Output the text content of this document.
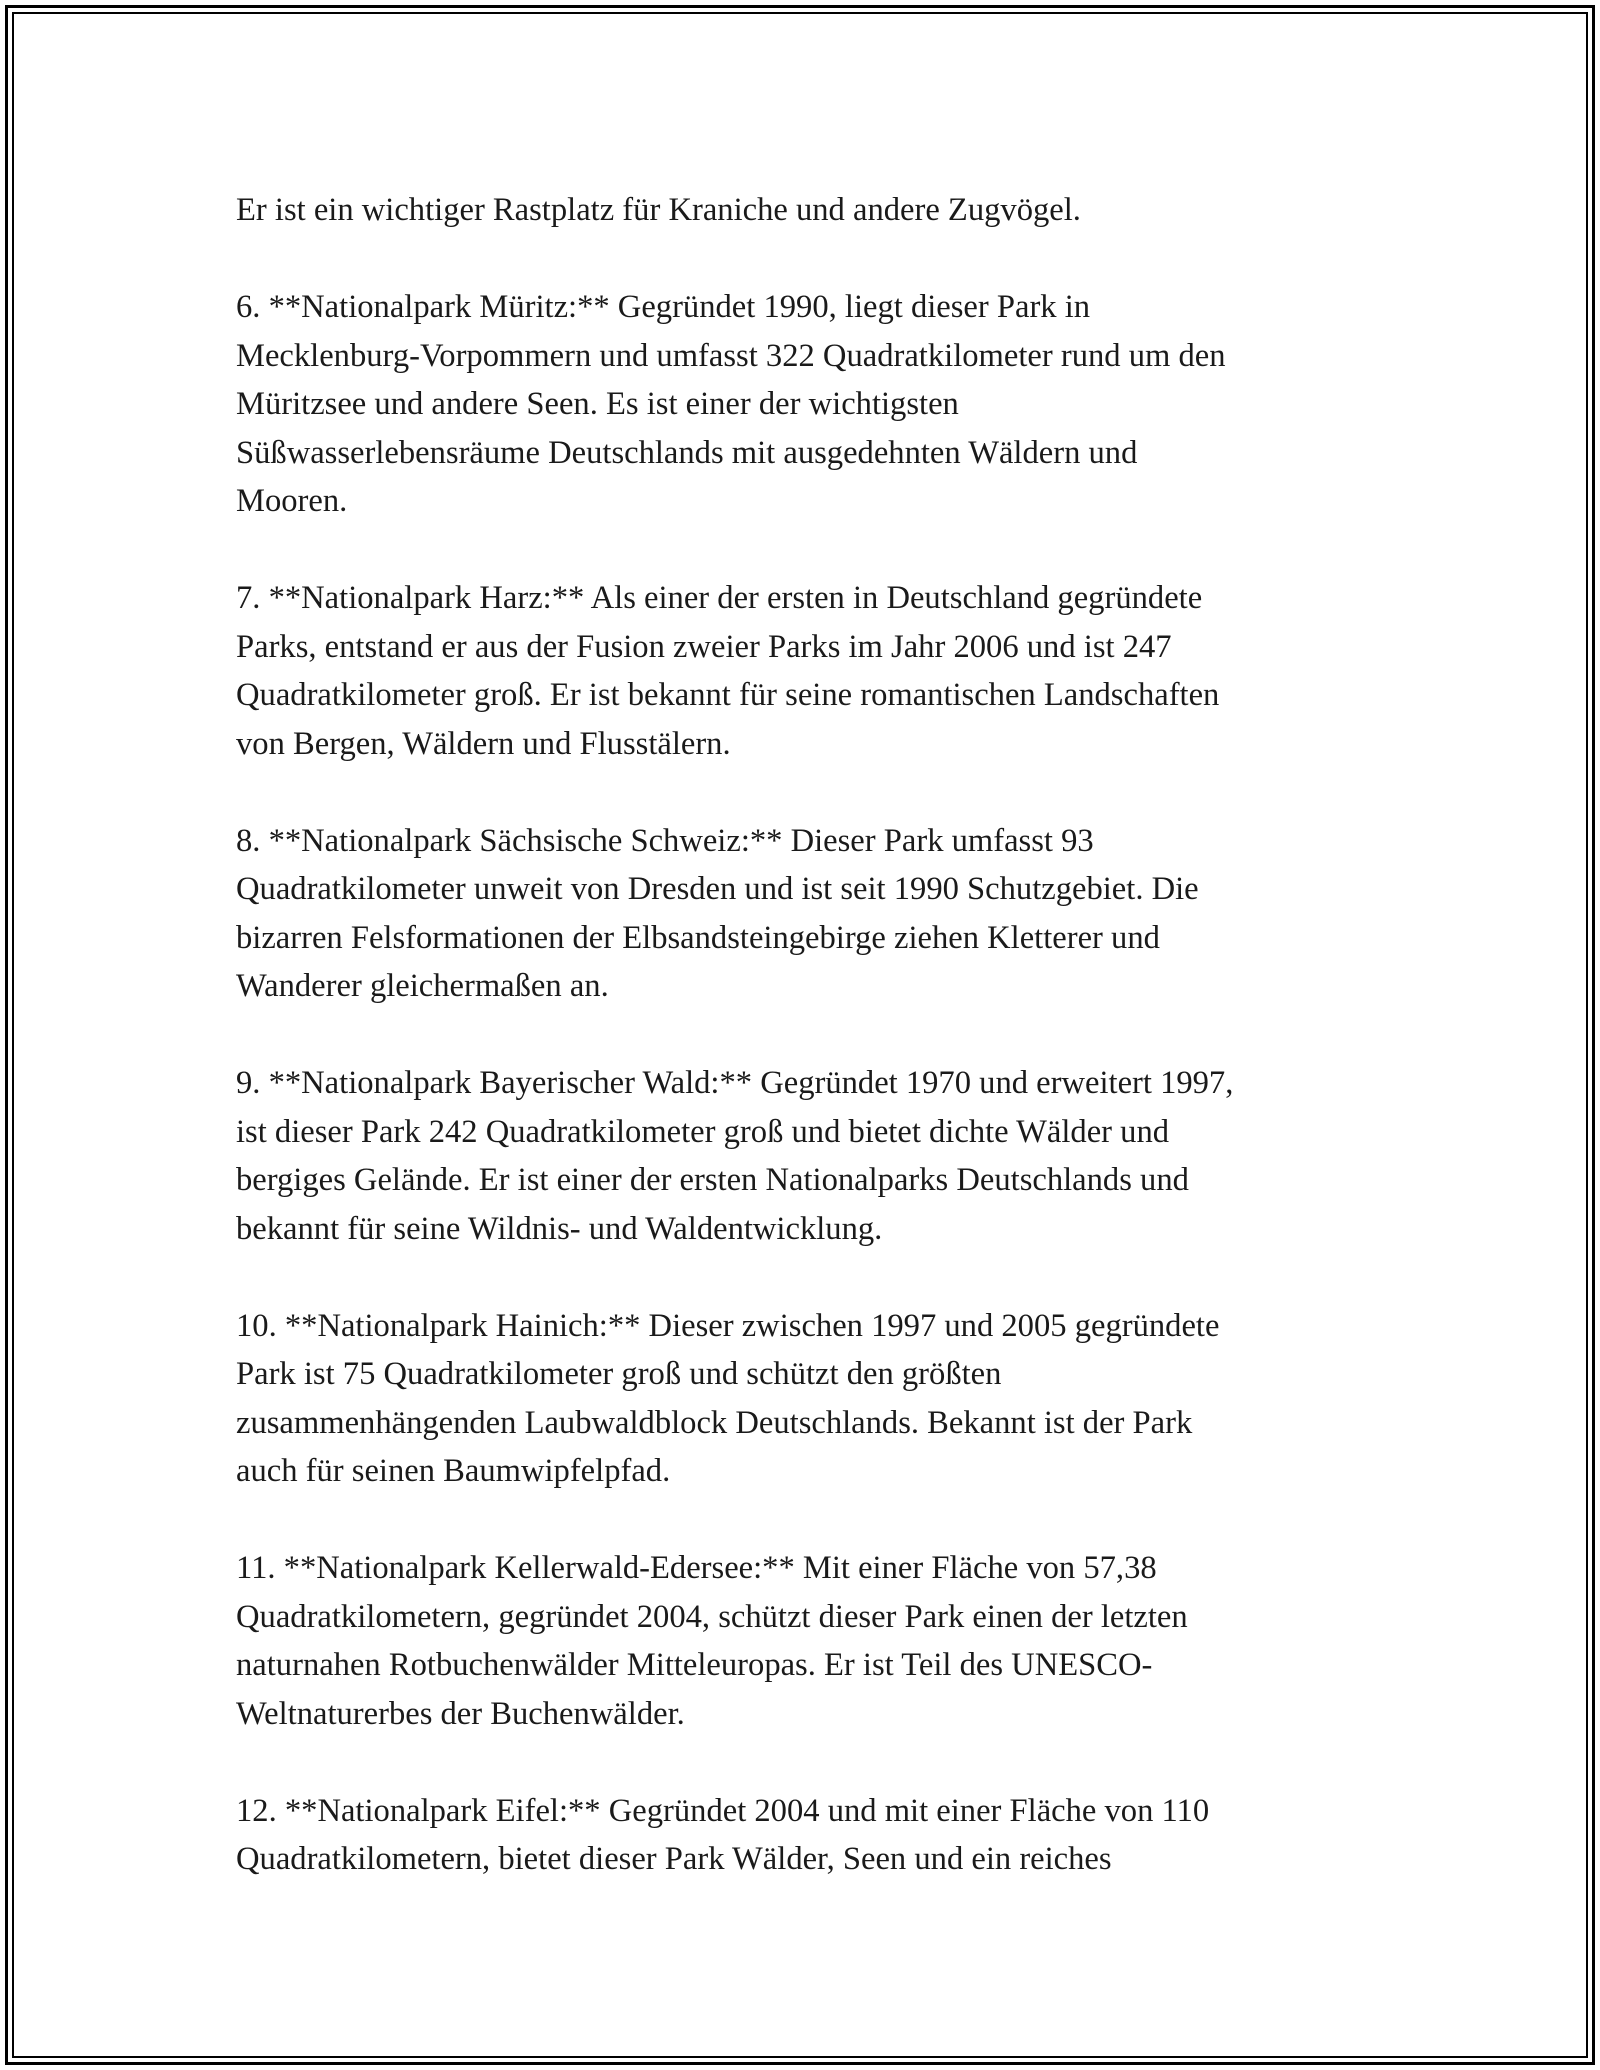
Er ist ein wichtiger Rastplatz für Kraniche und andere Zugvögel.

6. **Nationalpark Müritz:** Gegründet 1990, liegt dieser Park in
Mecklenburg-Vorpommern und umfasst 322 Quadratkilometer rund um den
Müritzsee und andere Seen. Es ist einer der wichtigsten
Süßwasserlebensräume Deutschlands mit ausgedehnten Wäldern und
Mooren.

7. **Nationalpark Harz:** Als einer der ersten in Deutschland gegründete
Parks, entstand er aus der Fusion zweier Parks im Jahr 2006 und ist 247
Quadratkilometer groß. Er ist bekannt für seine romantischen Landschaften
von Bergen, Wäldern und Flusstälern.

8. **Nationalpark Sächsische Schweiz:** Dieser Park umfasst 93
Quadratkilometer unweit von Dresden und ist seit 1990 Schutzgebiet. Die
bizarren Felsformationen der Elbsandsteingebirge ziehen Kletterer und
Wanderer gleichermaßen an.

9. **Nationalpark Bayerischer Wald:** Gegründet 1970 und erweitert 1997,
ist dieser Park 242 Quadratkilometer groß und bietet dichte Wälder und
bergiges Gelände. Er ist einer der ersten Nationalparks Deutschlands und
bekannt für seine Wildnis- und Waldentwicklung.

10. **Nationalpark Hainich:** Dieser zwischen 1997 und 2005 gegründete
Park ist 75 Quadratkilometer groß und schützt den größten
zusammenhängenden Laubwaldblock Deutschlands. Bekannt ist der Park
auch für seinen Baumwipfelpfad.

11. **Nationalpark Kellerwald-Edersee:** Mit einer Fläche von 57,38
Quadratkilometern, gegründet 2004, schützt dieser Park einen der letzten
naturnahen Rotbuchenwälder Mitteleuropas. Er ist Teil des UNESCO-
Weltnaturerbes der Buchenwälder.

12. **Nationalpark Eifel:** Gegründet 2004 und mit einer Fläche von 110
Quadratkilometern, bietet dieser Park Wälder, Seen und ein reiches
